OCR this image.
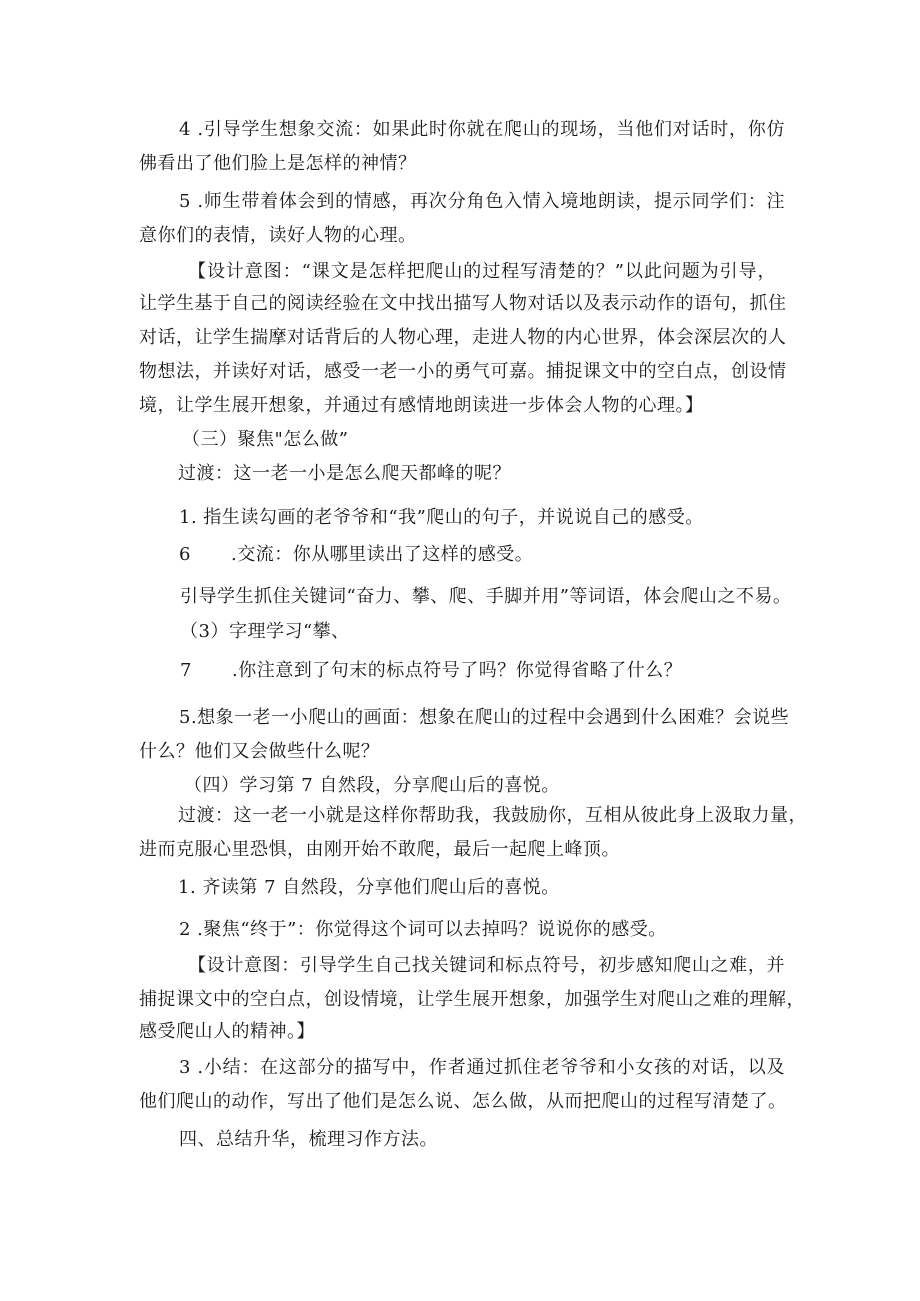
4 .引导学生想象交流：如果此时你就在爬山的现场，当他们对话时，你仿
佛看出了他们脸上是怎样的神情？
5 .师生带着体会到的情感，再次分角色入情入境地朗读，提示同学们：注
意你们的表情，读好人物的心理。
【设计意图：“课文是怎样把爬山的过程写清楚的？”以此问题为引导，
让学生基于自己的阅读经验在文中找出描写人物对话以及表示动作的语句，抓住
对话，让学生揣摩对话背后的人物心理，走进人物的内心世界，体会深层次的人
物想法，并读好对话，感受一老一小的勇气可嘉。捕捉课文中的空白点，创设情
境，让学生展开想象，并通过有感情地朗读进一步体会人物的心理。】
（三）聚焦"怎么做”
过渡：这一老一小是怎么爬天都峰的呢？
1. 指生读勾画的老爷爷和“我”爬山的句子，并说说自己的感受。
6 .交流：你从哪里读出了这样的感受。
引导学生抓住关键词“奋力、攀、爬、手脚并用”等词语，体会爬山之不易。
（3）字理学习“攀、
7 .你注意到了句末的标点符号了吗？你觉得省略了什么？
5.想象一老一小爬山的画面：想象在爬山的过程中会遇到什么困难？会说些
什么？他们又会做些什么呢？
（四）学习第 7 自然段，分享爬山后的喜悦。
过渡：这一老一小就是这样你帮助我，我鼓励你，互相从彼此身上汲取力量，
进而克服心里恐惧，由刚开始不敢爬，最后一起爬上峰顶。
1. 齐读第 7 自然段，分享他们爬山后的喜悦。
2 .聚焦“终于”：你觉得这个词可以去掉吗？说说你的感受。
【设计意图：引导学生自己找关键词和标点符号，初步感知爬山之难，并
捕捉课文中的空白点，创设情境，让学生展开想象，加强学生对爬山之难的理解，
感受爬山人的精神。】
3 .小结：在这部分的描写中，作者通过抓住老爷爷和小女孩的对话，以及
他们爬山的动作，写出了他们是怎么说、怎么做，从而把爬山的过程写清楚了。
四、总结升华，梳理习作方法。
